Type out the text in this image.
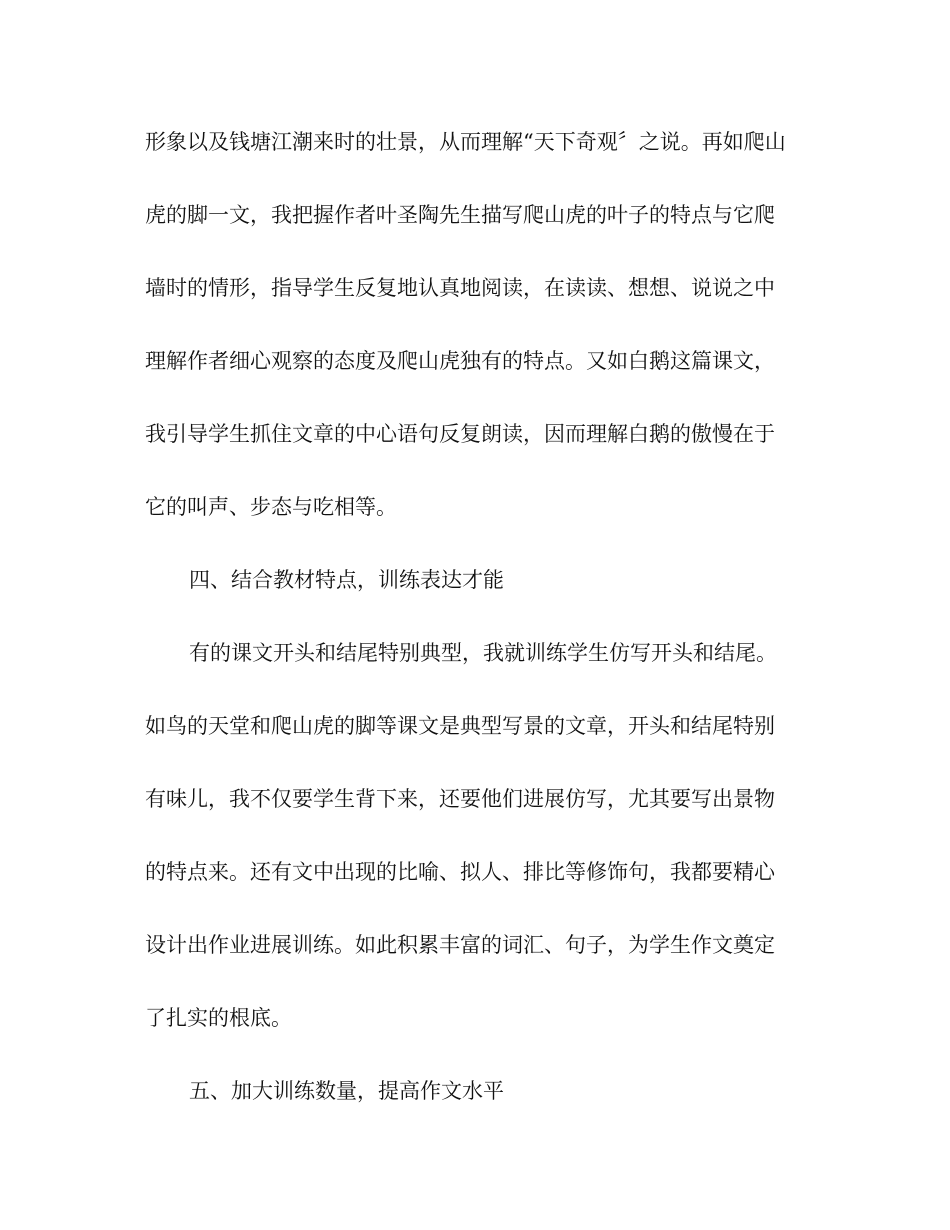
形象以及钱塘江潮来时的壮景，从而理解“天下奇观〞之说。再如爬山
虎的脚一文，我把握作者叶圣陶先生描写爬山虎的叶子的特点与它爬
墙时的情形，指导学生反复地认真地阅读，在读读、想想、说说之中
理解作者细心观察的态度及爬山虎独有的特点。又如白鹅这篇课文，
我引导学生抓住文章的中心语句反复朗读，因而理解白鹅的傲慢在于
它的叫声、步态与吃相等。
四、结合教材特点，训练表达才能
有的课文开头和结尾特别典型，我就训练学生仿写开头和结尾。
如鸟的天堂和爬山虎的脚等课文是典型写景的文章，开头和结尾特别
有味儿，我不仅要学生背下来，还要他们进展仿写，尤其要写出景物
的特点来。还有文中出现的比喻、拟人、排比等修饰句，我都要精心
设计出作业进展训练。如此积累丰富的词汇、句子，为学生作文奠定
了扎实的根底。
五、加大训练数量，提高作文水平
